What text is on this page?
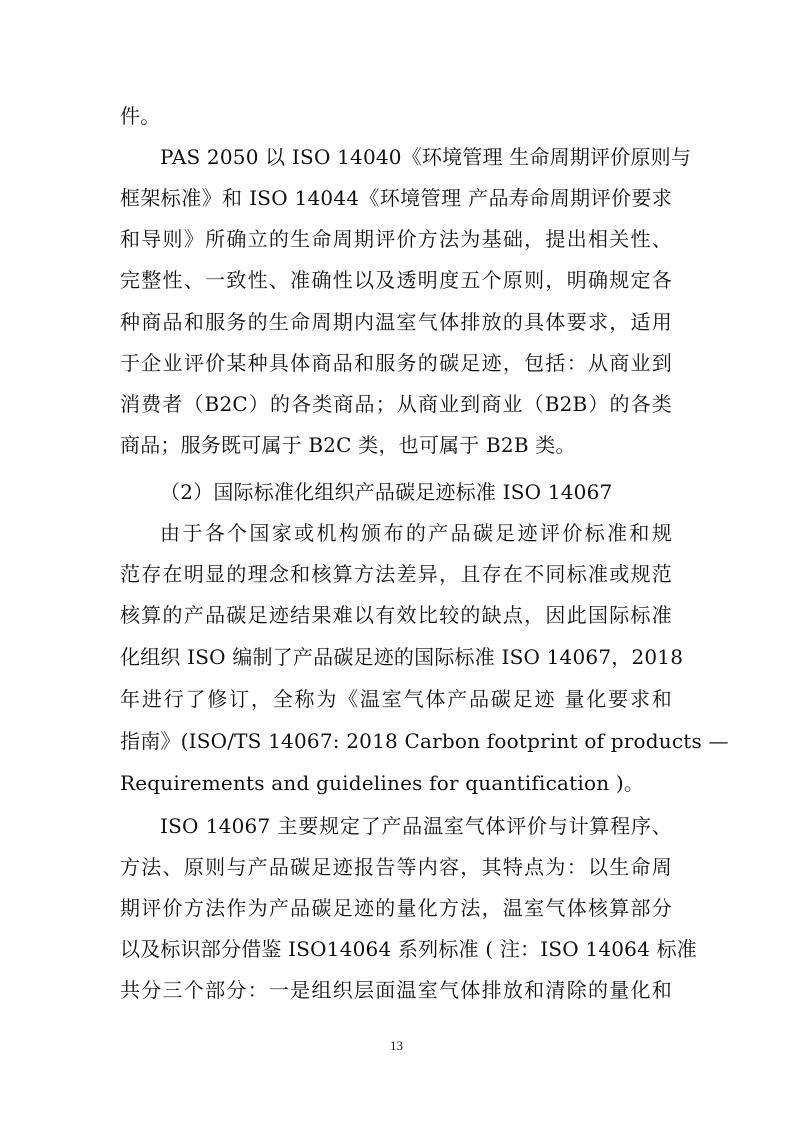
件。
PAS 2050 以 ISO 14040《环境管理 生命周期评价原则与
框架标准》和 ISO 14044《环境管理 产品寿命周期评价要求
和导则》所确立的生命周期评价方法为基础，提出相关性、
完整性、一致性、准确性以及透明度五个原则，明确规定各
种商品和服务的生命周期内温室气体排放的具体要求，适用
于企业评价某种具体商品和服务的碳足迹，包括：从商业到
消费者（B2C）的各类商品；从商业到商业（B2B）的各类
商品；服务既可属于 B2C 类，也可属于 B2B 类。
（2）国际标准化组织产品碳足迹标准 ISO 14067
由于各个国家或机构颁布的产品碳足迹评价标准和规
范存在明显的理念和核算方法差异，且存在不同标准或规范
核算的产品碳足迹结果难以有效比较的缺点，因此国际标准
化组织 ISO 编制了产品碳足迹的国际标准 ISO 14067，2018
年进行了修订，全称为《温室气体产品碳足迹 量化要求和
指南》(ISO/TS 14067: 2018 Carbon footprint of products —
Requirements and guidelines for quantification )。
ISO 14067 主要规定了产品温室气体评价与计算程序、
方法、原则与产品碳足迹报告等内容，其特点为：以生命周
期评价方法作为产品碳足迹的量化方法，温室气体核算部分
以及标识部分借鉴 ISO14064 系列标准 ( 注：ISO 14064 标准
共分三个部分：一是组织层面温室气体排放和清除的量化和
13
